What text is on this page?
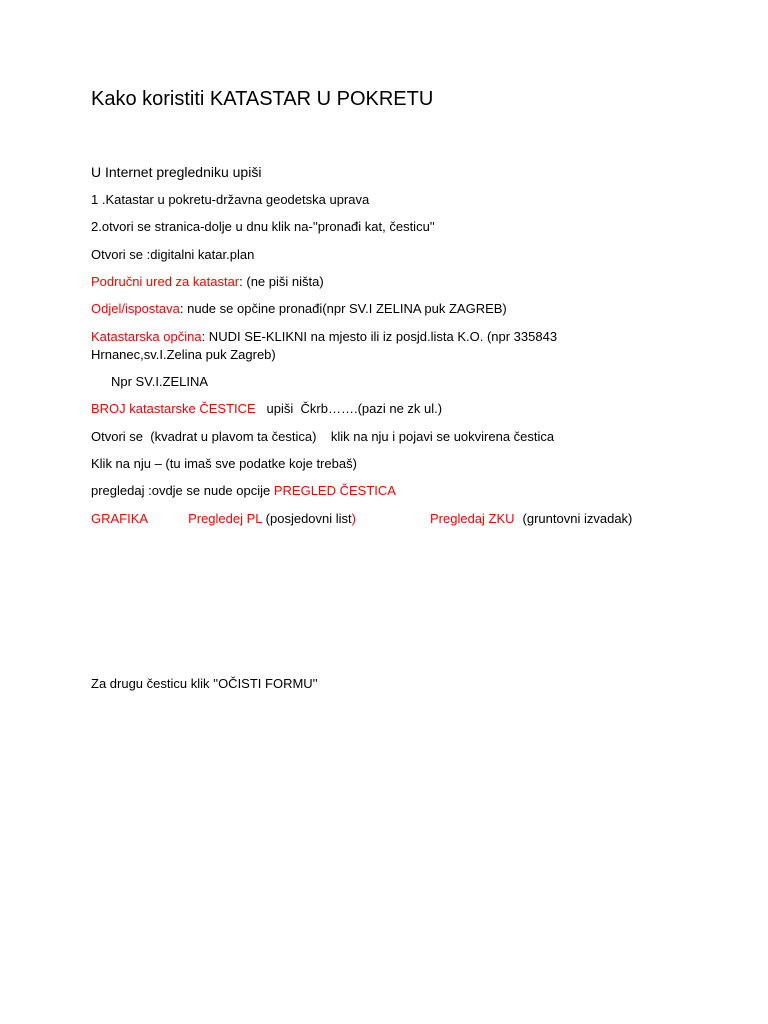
Kako koristiti KATASTAR U POKRETU
U Internet pregledniku upiši
1 .Katastar u pokretu-državna geodetska uprava
2.otvori se stranica-dolje u dnu klik na-''pronađi kat, česticu''
Otvori se :digitalni katar.plan
Područni ured za katastar: (ne piši ništa)
Odjel/ispostava: nude se opčine pronađi(npr SV.I ZELINA puk ZAGREB)
Katastarska opčina: NUDI SE-KLIKNI na mjesto ili iz posjd.lista K.O. (npr 335843 Hrnanec,sv.I.Zelina puk Zagreb)
Npr SV.I.ZELINA
BROJ katastarske ČESTICE   upiši  Čkrb…….(pazi ne zk ul.)
Otvori se  (kvadrat u plavom ta čestica)    klik na nju i pojavi se uokvirena čestica
Klik na nju – (tu imaš sve podatke koje trebaš)
pregledaj :ovdje se nude opcije PREGLED ČESTICA
GRAFIKA	Pregledej PL (posjedovni list)	Pregledaj ZKU (gruntovni izvadak)
Za drugu česticu klik ''OČISTI FORMU''
